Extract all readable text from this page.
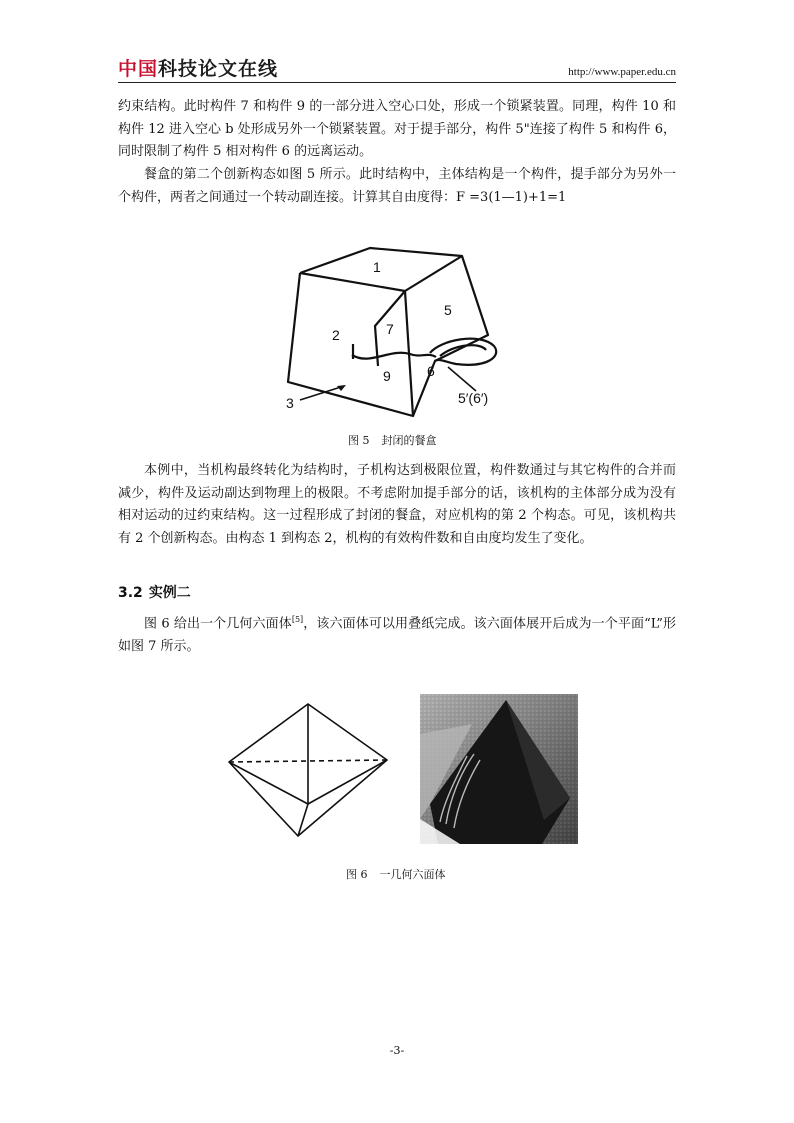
中国科技论文在线	http://www.paper.edu.cn

约束结构。此时构件 7 和构件 9 的一部分进入空心口处，形成一个锁紧装置。同理，构件 10 和构件 12 进入空心 b 处形成另外一个锁紧装置。对于提手部分，构件 5"连接了构件 5 和构件 6，同时限制了构件 5 相对构件 6 的远离运动。

餐盒的第二个创新构态如图 5 所示。此时结构中，主体结构是一个构件，提手部分为另外一个构件，两者之间通过一个转动副连接。计算其自由度得：F =3(1—1)+1=1

1
2
3
5
6
7
9
5′(6′)
图 5 封闭的餐盒

本例中，当机构最终转化为结构时，子机构达到极限位置，构件数通过与其它构件的合并而减少，构件及运动副达到物理上的极限。不考虑附加提手部分的话，该机构的主体部分成为没有相对运动的过约束结构。这一过程形成了封闭的餐盒，对应机构的第 2 个构态。可见，该机构共有 2 个创新构态。由构态 1 到构态 2，机构的有效构件数和自由度均发生了变化。

3.2 实例二

图 6 给出一个几何六面体[5]，该六面体可以用叠纸完成。该六面体展开后成为一个平面“L”形如图 7 所示。

图 6 一几何六面体
-3-
